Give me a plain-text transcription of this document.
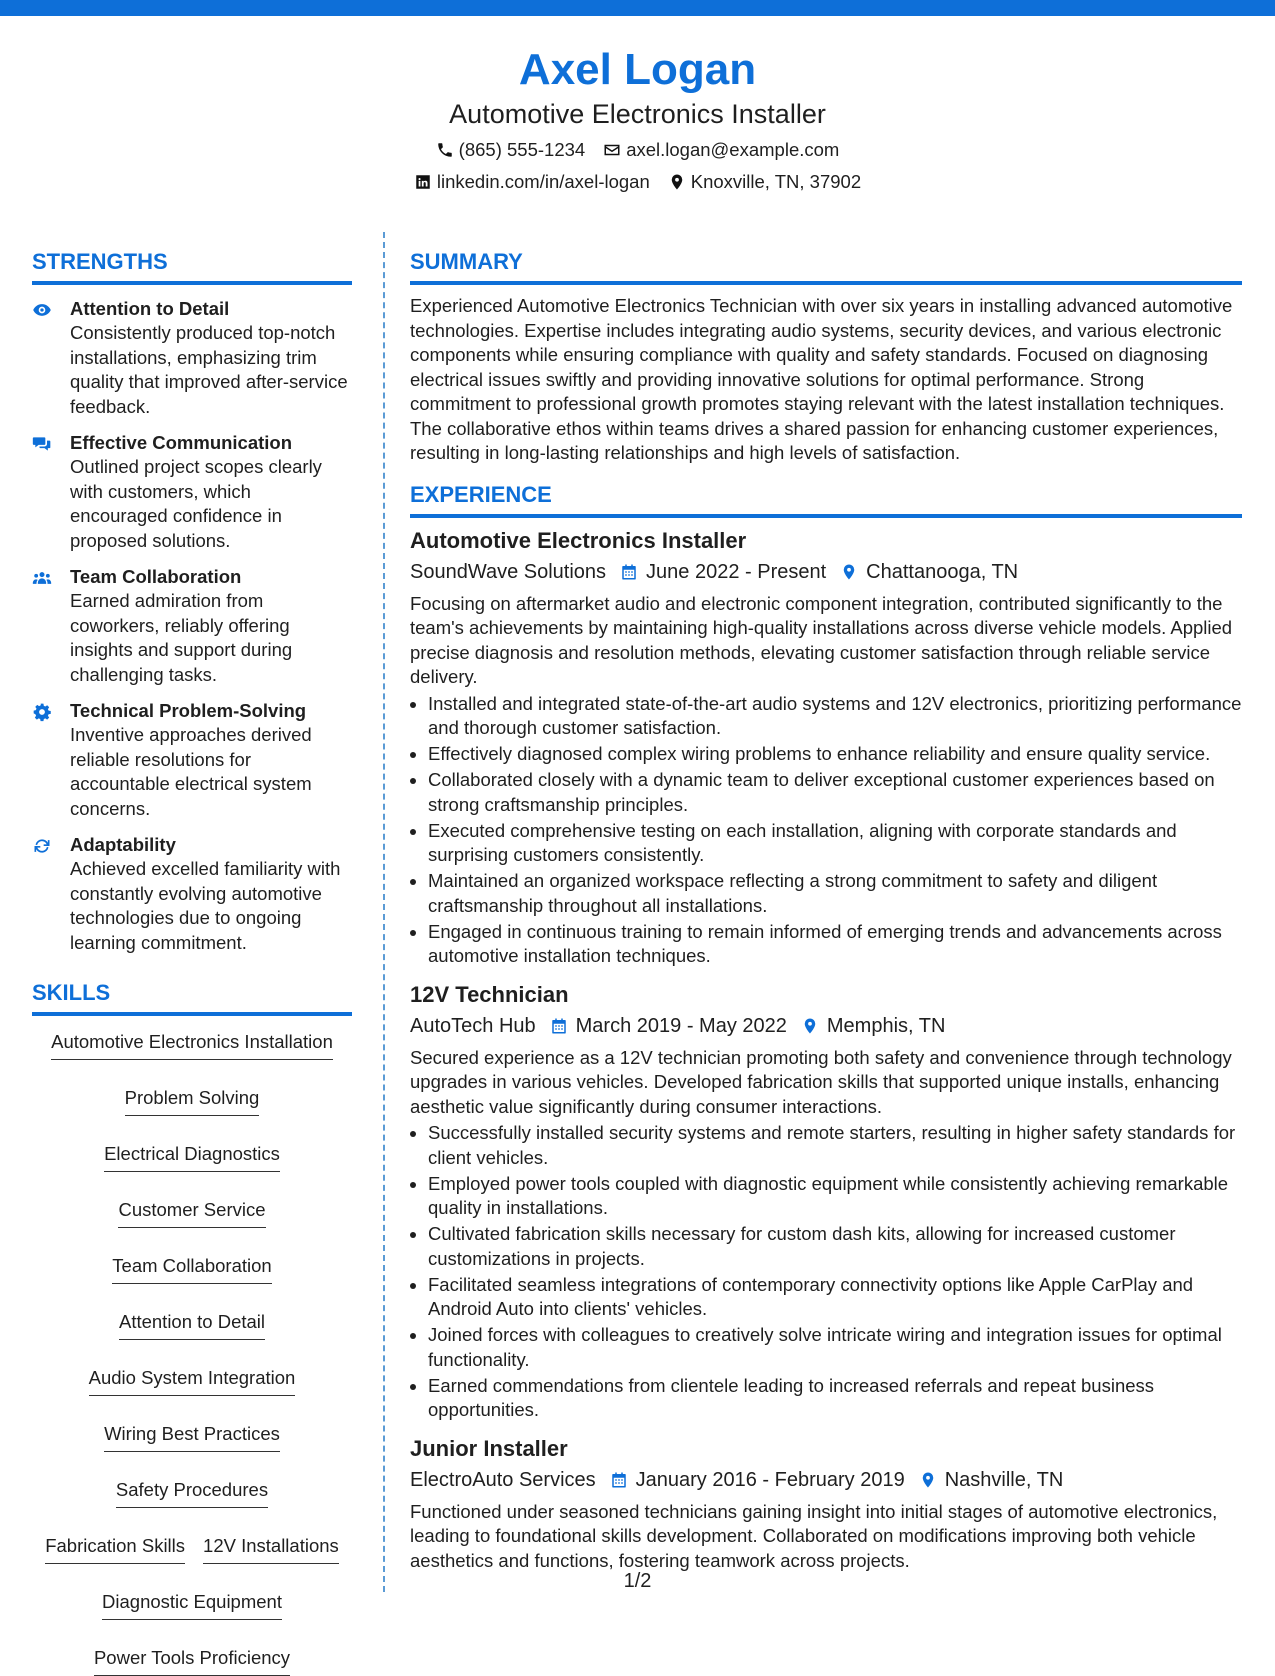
Axel Logan
Automotive Electronics Installer
(865) 555-1234 axel.logan@example.com
linkedin.com/in/axel-logan Knoxville, TN, 37902
STRENGTHS
Attention to Detail
Consistently produced top-notch installations, emphasizing trim quality that improved after-service feedback.
Effective Communication
Outlined project scopes clearly with customers, which encouraged confidence in proposed solutions.
Team Collaboration
Earned admiration from coworkers, reliably offering insights and support during challenging tasks.
Technical Problem-Solving
Inventive approaches derived reliable resolutions for accountable electrical system concerns.
Adaptability
Achieved excelled familiarity with constantly evolving automotive technologies due to ongoing learning commitment.
SKILLS
Automotive Electronics Installation
Problem Solving
Electrical Diagnostics
Customer Service
Team Collaboration
Attention to Detail
Audio System Integration
Wiring Best Practices
Safety Procedures
Fabrication Skills 12V Installations
Diagnostic Equipment
Power Tools Proficiency
SUMMARY
Experienced Automotive Electronics Technician with over six years in installing advanced automotive technologies. Expertise includes integrating audio systems, security devices, and various electronic components while ensuring compliance with quality and safety standards. Focused on diagnosing electrical issues swiftly and providing innovative solutions for optimal performance. Strong commitment to professional growth promotes staying relevant with the latest installation techniques. The collaborative ethos within teams drives a shared passion for enhancing customer experiences, resulting in long-lasting relationships and high levels of satisfaction.
EXPERIENCE
Automotive Electronics Installer
SoundWave Solutions June 2022 - Present Chattanooga, TN
Focusing on aftermarket audio and electronic component integration, contributed significantly to the team's achievements by maintaining high-quality installations across diverse vehicle models. Applied precise diagnosis and resolution methods, elevating customer satisfaction through reliable service delivery.
• Installed and integrated state-of-the-art audio systems and 12V electronics, prioritizing performance and thorough customer satisfaction.
• Effectively diagnosed complex wiring problems to enhance reliability and ensure quality service.
• Collaborated closely with a dynamic team to deliver exceptional customer experiences based on strong craftsmanship principles.
• Executed comprehensive testing on each installation, aligning with corporate standards and surprising customers consistently.
• Maintained an organized workspace reflecting a strong commitment to safety and diligent craftsmanship throughout all installations.
• Engaged in continuous training to remain informed of emerging trends and advancements across automotive installation techniques.
12V Technician
AutoTech Hub March 2019 - May 2022 Memphis, TN
Secured experience as a 12V technician promoting both safety and convenience through technology upgrades in various vehicles. Developed fabrication skills that supported unique installs, enhancing aesthetic value significantly during consumer interactions.
• Successfully installed security systems and remote starters, resulting in higher safety standards for client vehicles.
• Employed power tools coupled with diagnostic equipment while consistently achieving remarkable quality in installations.
• Cultivated fabrication skills necessary for custom dash kits, allowing for increased customer customizations in projects.
• Facilitated seamless integrations of contemporary connectivity options like Apple CarPlay and Android Auto into clients' vehicles.
• Joined forces with colleagues to creatively solve intricate wiring and integration issues for optimal functionality.
• Earned commendations from clientele leading to increased referrals and repeat business opportunities.
Junior Installer
ElectroAuto Services January 2016 - February 2019 Nashville, TN
Functioned under seasoned technicians gaining insight into initial stages of automotive electronics, leading to foundational skills development. Collaborated on modifications improving both vehicle aesthetics and functions, fostering teamwork across projects.
1/2
